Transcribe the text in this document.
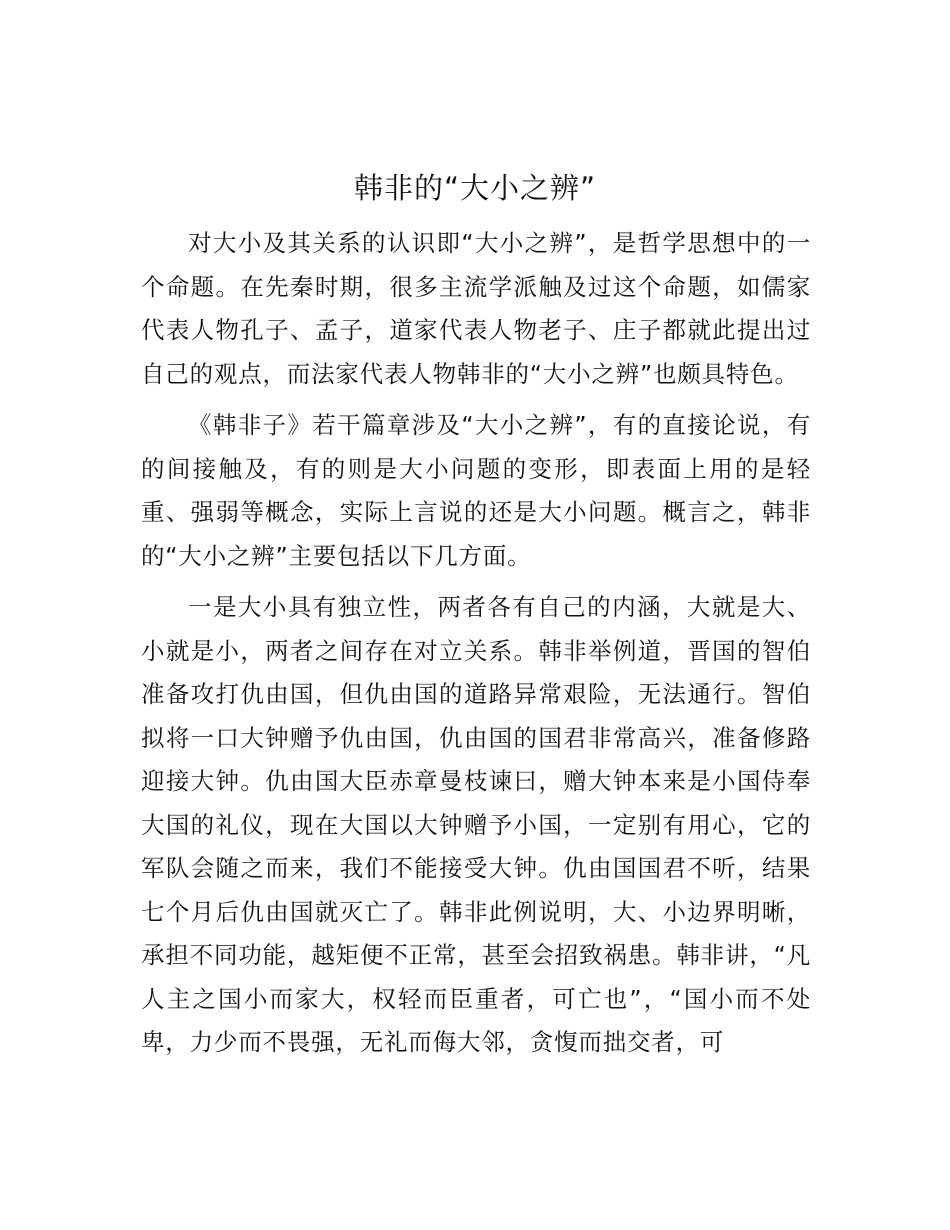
韩非的“大小之辨”

对大小及其关系的认识即“大小之辨”，是哲学思想中的一个命题。在先秦时期，很多主流学派触及过这个命题，如儒家代表人物孔子、孟子，道家代表人物老子、庄子都就此提出过自己的观点，而法家代表人物韩非的“大小之辨”也颇具特色。

《韩非子》若干篇章涉及“大小之辨”，有的直接论说，有的间接触及，有的则是大小问题的变形，即表面上用的是轻重、强弱等概念，实际上言说的还是大小问题。概言之，韩非的“大小之辨”主要包括以下几方面。

一是大小具有独立性，两者各有自己的内涵，大就是大、小就是小，两者之间存在对立关系。韩非举例道，晋国的智伯准备攻打仇由国，但仇由国的道路异常艰险，无法通行。智伯拟将一口大钟赠予仇由国，仇由国的国君非常高兴，准备修路迎接大钟。仇由国大臣赤章曼枝谏曰，赠大钟本来是小国侍奉大国的礼仪，现在大国以大钟赠予小国，一定别有用心，它的军队会随之而来，我们不能接受大钟。仇由国国君不听，结果七个月后仇由国就灭亡了。韩非此例说明，大、小边界明晰，承担不同功能，越矩便不正常，甚至会招致祸患。韩非讲，“凡人主之国小而家大，权轻而臣重者，可亡也”，“国小而不处卑，力少而不畏强，无礼而侮大邻，贪愎而拙交者，可
